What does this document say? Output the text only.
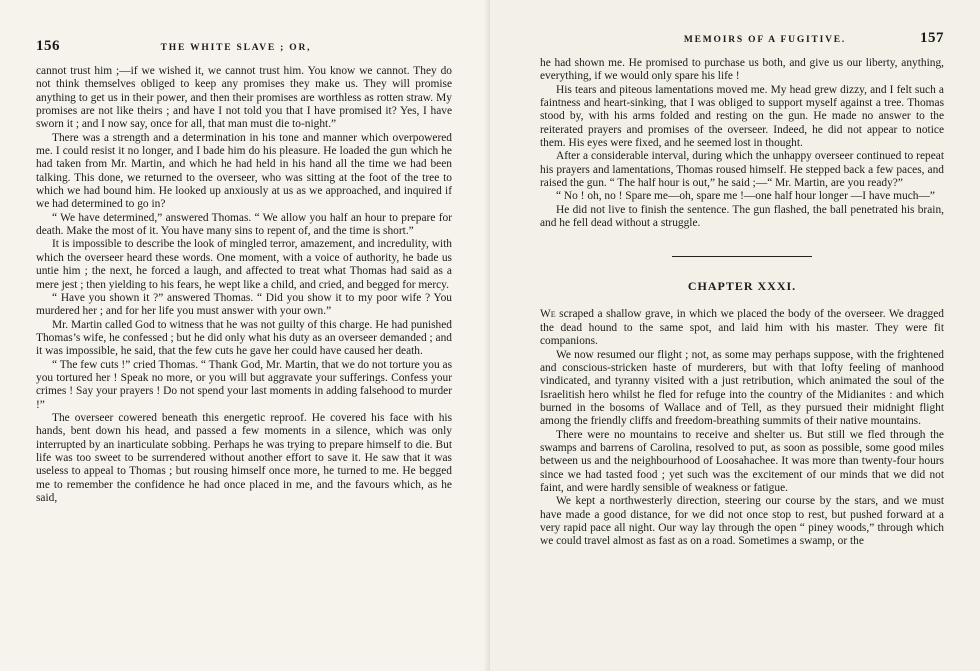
156	THE WHITE SLAVE ; OR,

cannot trust him ;—if we wished it, we cannot trust him. You know we cannot. They do not think themselves obliged to keep any promises they make us. They will promise anything to get us in their power, and then their promises are worthless as rotten straw. My promises are not like theirs ; and have I not told you that I have promised it? Yes, I have sworn it ; and I now say, once for all, that man must die to-night.”

There was a strength and a determination in his tone and manner which overpowered me. I could resist it no longer, and I bade him do his pleasure. He loaded the gun which he had taken from Mr. Martin, and which he had held in his hand all the time we had been talking. This done, we returned to the overseer, who was sitting at the foot of the tree to which we had bound him. He looked up anxiously at us as we approached, and inquired if we had determined to go in?

“ We have determined,” answered Thomas. “ We allow you half an hour to prepare for death. Make the most of it. You have many sins to repent of, and the time is short.”

It is impossible to describe the look of mingled terror, amazement, and incredulity, with which the overseer heard these words. One moment, with a voice of authority, he bade us untie him ; the next, he forced a laugh, and affected to treat what Thomas had said as a mere jest ; then yielding to his fears, he wept like a child, and cried, and begged for mercy.

“ Have you shown it ?” answered Thomas. “ Did you show it to my poor wife ? You murdered her ; and for her life you must answer with your own.”

Mr. Martin called God to witness that he was not guilty of this charge. He had punished Thomas’s wife, he confessed ; but he did only what his duty as an overseer demanded ; and it was impossible, he said, that the few cuts he gave her could have caused her death.

“ The few cuts !” cried Thomas. “ Thank God, Mr. Martin, that we do not torture you as you tortured her ! Speak no more, or you will but aggravate your sufferings. Confess your crimes ! Say your prayers ! Do not spend your last moments in adding falsehood to murder !”

The overseer cowered beneath this energetic reproof. He covered his face with his hands, bent down his head, and passed a few moments in a silence, which was only interrupted by an inarticulate sobbing. Perhaps he was trying to prepare himself to die. But life was too sweet to be surrendered without another effort to save it. He saw that it was useless to appeal to Thomas ; but rousing himself once more, he turned to me. He begged me to remember the confidence he had once placed in me, and the favours which, as he said,

MEMOIRS OF A FUGITIVE.	157

he had shown me. He promised to purchase us both, and give us our liberty, anything, everything, if we would only spare his life !

His tears and piteous lamentations moved me. My head grew dizzy, and I felt such a faintness and heart-sinking, that I was obliged to support myself against a tree. Thomas stood by, with his arms folded and resting on the gun. He made no answer to the reiterated prayers and promises of the overseer. Indeed, he did not appear to notice them. His eyes were fixed, and he seemed lost in thought.

After a considerable interval, during which the unhappy overseer continued to repeat his prayers and lamentations, Thomas roused himself. He stepped back a few paces, and raised the gun. “ The half hour is out,” he said ;—“ Mr. Martin, are you ready?”

“ No ! oh, no ! Spare me—oh, spare me !—one half hour longer —I have much—”

He did not live to finish the sentence. The gun flashed, the ball penetrated his brain, and he fell dead without a struggle.

CHAPTER XXXI.

We scraped a shallow grave, in which we placed the body of the overseer. We dragged the dead hound to the same spot, and laid him with his master. They were fit companions.

We now resumed our flight ; not, as some may perhaps suppose, with the frightened and conscious-stricken haste of murderers, but with that lofty feeling of manhood vindicated, and tyranny visited with a just retribution, which animated the soul of the Israelitish hero whilst he fled for refuge into the country of the Midianites : and which burned in the bosoms of Wallace and of Tell, as they pursued their midnight flight among the friendly cliffs and freedom-breathing summits of their native mountains.

There were no mountains to receive and shelter us. But still we fled through the swamps and barrens of Carolina, resolved to put, as soon as possible, some good miles between us and the neighbourhood of Loosahachee. It was more than twenty-four hours since we had tasted food ; yet such was the excitement of our minds that we did not faint, and were hardly sensible of weakness or fatigue.

We kept a northwesterly direction, steering our course by the stars, and we must have made a good distance, for we did not once stop to rest, but pushed forward at a very rapid pace all night. Our way lay through the open “ piney woods,” through which we could travel almost as fast as on a road. Sometimes a swamp, or the
